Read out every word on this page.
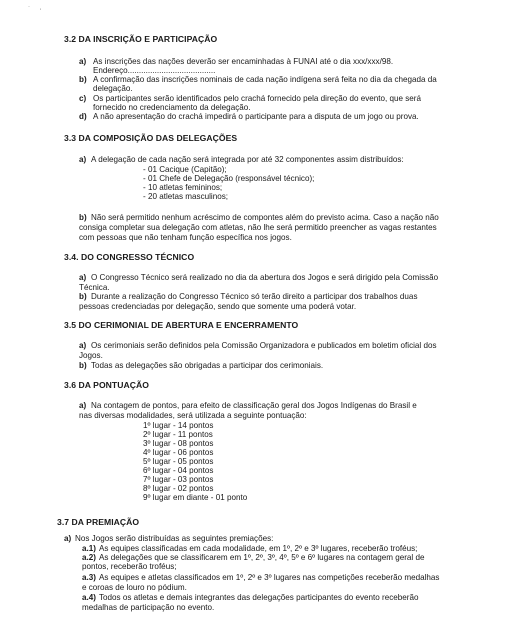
·
'
3.2 DA INSCRIÇÃO E PARTICIPAÇÃO
a) As inscrições das nações deverão ser encaminhadas à FUNAI até o dia xxx/xxx/98.
Endereço.......................................
b) A confirmação das inscrições nominais de cada nação indígena será feita no dia da chegada da
delegação.
c) Os participantes serão identificados pelo crachá fornecido pela direção do evento, que será
fornecido no credenciamento da delegação.
d) A não apresentação do crachá impedirá o participante para a disputa de um jogo ou prova.
3.3 DA COMPOSIÇÃO DAS DELEGAÇÕES
a) A delegação de cada nação será integrada por até 32 componentes assim distribuídos:
- 01 Cacique (Capitão);
- 01 Chefe de Delegação (responsável técnico);
- 10 atletas femininos;
- 20 atletas masculinos;
b) Não será permitido nenhum acréscimo de compontes além do previsto acima. Caso a nação não
consiga completar sua delegação com atletas, não lhe será permitido preencher as vagas restantes
com pessoas que não tenham função específica nos jogos.
3.4. DO CONGRESSO TÉCNICO
a) O Congresso Técnico será realizado no dia da abertura dos Jogos e será dirigido pela Comissão
Técnica.
b) Durante a realização do Congresso Técnico só terão direito a participar dos trabalhos duas
pessoas credenciadas por delegação, sendo que somente uma poderá votar.
3.5 DO CERIMONIAL DE ABERTURA E ENCERRAMENTO
a) Os cerimoniais serão definidos pela Comissão Organizadora e publicados em boletim oficial dos
Jogos.
b) Todas as delegações são obrigadas a participar dos cerimoniais.
3.6 DA PONTUAÇÃO
a) Na contagem de pontos, para efeito de classificação geral dos Jogos Indígenas do Brasil e
nas diversas modalidades, será utilizada a seguinte pontuação:
1º lugar - 14 pontos
2º lugar - 11 pontos
3º lugar - 08 pontos
4º lugar - 06 pontos
5º lugar - 05 pontos
6º lugar - 04 pontos
7º lugar - 03 pontos
8º lugar - 02 pontos
9º lugar em diante - 01 ponto
3.7 DA PREMIAÇÃO
a) Nos Jogos serão distribuídas as seguintes premiações:
a.1) As equipes classificadas em cada modalidade, em 1º, 2º e 3º lugares, receberão troféus;
a.2) As delegações que se classificarem em 1º, 2º, 3º, 4º, 5º e 6º lugares na contagem geral de
pontos, receberão troféus;
a.3) As equipes e atletas classificados em 1º, 2º e 3º lugares nas competições receberão medalhas
e coroas de louro no pódium.
a.4) Todos os atletas e demais integrantes das delegações participantes do evento receberão
medalhas de participação no evento.
